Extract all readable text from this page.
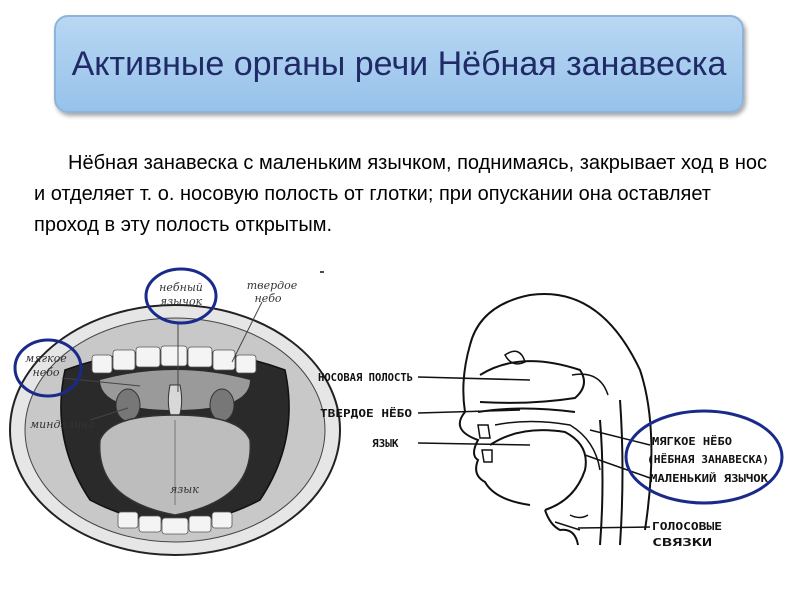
Активные органы речи Нёбная занавеска

Нёбная занавеска с маленьким язычком, поднимаясь, закрывает ход в нос и отделяет т. о. носовую полость от глотки; при опускании она оставляет проход в эту полость открытым.

небный
язычок
твердое
небо
мягкое
небо
миндалина
язык
НОСОВАЯ ПОЛОСТЬ
ТВЕРДОЕ НЁБО
ЯЗЫК	МЯГКОЕ НЁБО
(НЁБНАЯ ЗАНАВЕСКА)
МАЛЕНЬКИЙ ЯЗЫЧОК
ГОЛОСОВЫЕ
СВЯЗКИ
